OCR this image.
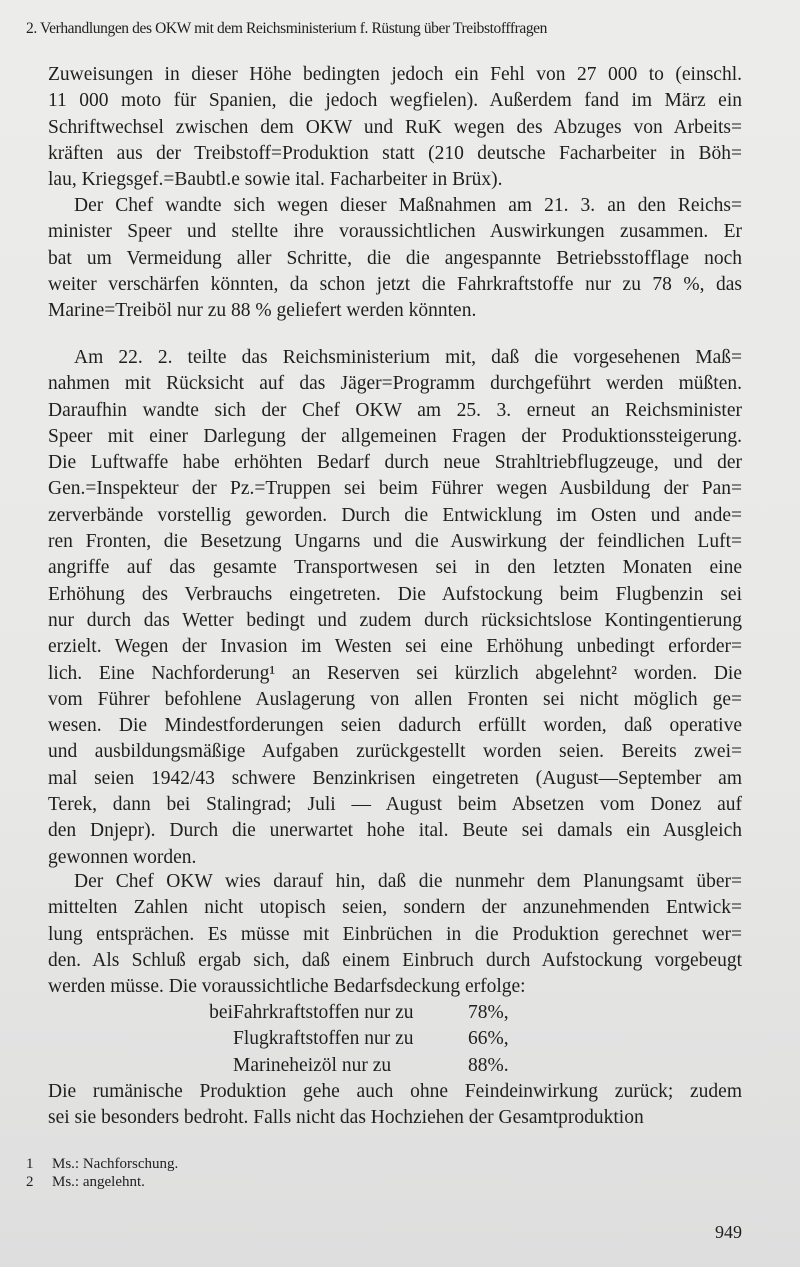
2. Verhandlungen des OKW mit dem Reichsministerium f. Rüstung über Treibstofffragen
Zuweisungen in dieser Höhe bedingten jedoch ein Fehl von 27 000 to (einschl.
11 000 moto für Spanien, die jedoch wegfielen). Außerdem fand im März ein
Schriftwechsel zwischen dem OKW und RuK wegen des Abzuges von Arbeits=
kräften aus der Treibstoff=Produktion statt (210 deutsche Facharbeiter in Böh=
lau, Kriegsgef.=Baubtl.e sowie ital. Facharbeiter in Brüx).
Der Chef wandte sich wegen dieser Maßnahmen am 21. 3. an den Reichs=
minister Speer und stellte ihre voraussichtlichen Auswirkungen zusammen. Er
bat um Vermeidung aller Schritte, die die angespannte Betriebsstofflage noch
weiter verschärfen könnten, da schon jetzt die Fahrkraftstoffe nur zu 78 %, das
Marine=Treiböl nur zu 88 % geliefert werden könnten.
Am 22. 2. teilte das Reichsministerium mit, daß die vorgesehenen Maß=
nahmen mit Rücksicht auf das Jäger=Programm durchgeführt werden müßten.
Daraufhin wandte sich der Chef OKW am 25. 3. erneut an Reichsminister
Speer mit einer Darlegung der allgemeinen Fragen der Produktionssteigerung.
Die Luftwaffe habe erhöhten Bedarf durch neue Strahltriebflugzeuge, und der
Gen.=Inspekteur der Pz.=Truppen sei beim Führer wegen Ausbildung der Pan=
zerverbände vorstellig geworden. Durch die Entwicklung im Osten und ande=
ren Fronten, die Besetzung Ungarns und die Auswirkung der feindlichen Luft=
angriffe auf das gesamte Transportwesen sei in den letzten Monaten eine
Erhöhung des Verbrauchs eingetreten. Die Aufstockung beim Flugbenzin sei
nur durch das Wetter bedingt und zudem durch rücksichtslose Kontingentierung
erzielt. Wegen der Invasion im Westen sei eine Erhöhung unbedingt erforder=
lich. Eine Nachforderung¹ an Reserven sei kürzlich abgelehnt² worden. Die
vom Führer befohlene Auslagerung von allen Fronten sei nicht möglich ge=
wesen. Die Mindestforderungen seien dadurch erfüllt worden, daß operative
und ausbildungsmäßige Aufgaben zurückgestellt worden seien. Bereits zwei=
mal seien 1942/43 schwere Benzinkrisen eingetreten (August—September am
Terek, dann bei Stalingrad; Juli — August beim Absetzen vom Donez auf
den Dnjepr). Durch die unerwartet hohe ital. Beute sei damals ein Ausgleich
gewonnen worden.
Der Chef OKW wies darauf hin, daß die nunmehr dem Planungsamt über=
mittelten Zahlen nicht utopisch seien, sondern der anzunehmenden Entwick=
lung entsprächen. Es müsse mit Einbrüchen in die Produktion gerechnet wer=
den. Als Schluß ergab sich, daß einem Einbruch durch Aufstockung vorgebeugt
werden müsse. Die voraussichtliche Bedarfsdeckung erfolge:
bei Fahrkraftstoffen nur zu	78%,
Flugkraftstoffen nur zu	66%,
Marineheizöl nur zu	88%.
Die rumänische Produktion gehe auch ohne Feindeinwirkung zurück; zudem
sei sie besonders bedroht. Falls nicht das Hochziehen der Gesamtproduktion
1 Ms.: Nachforschung.
2 Ms.: angelehnt.
949
